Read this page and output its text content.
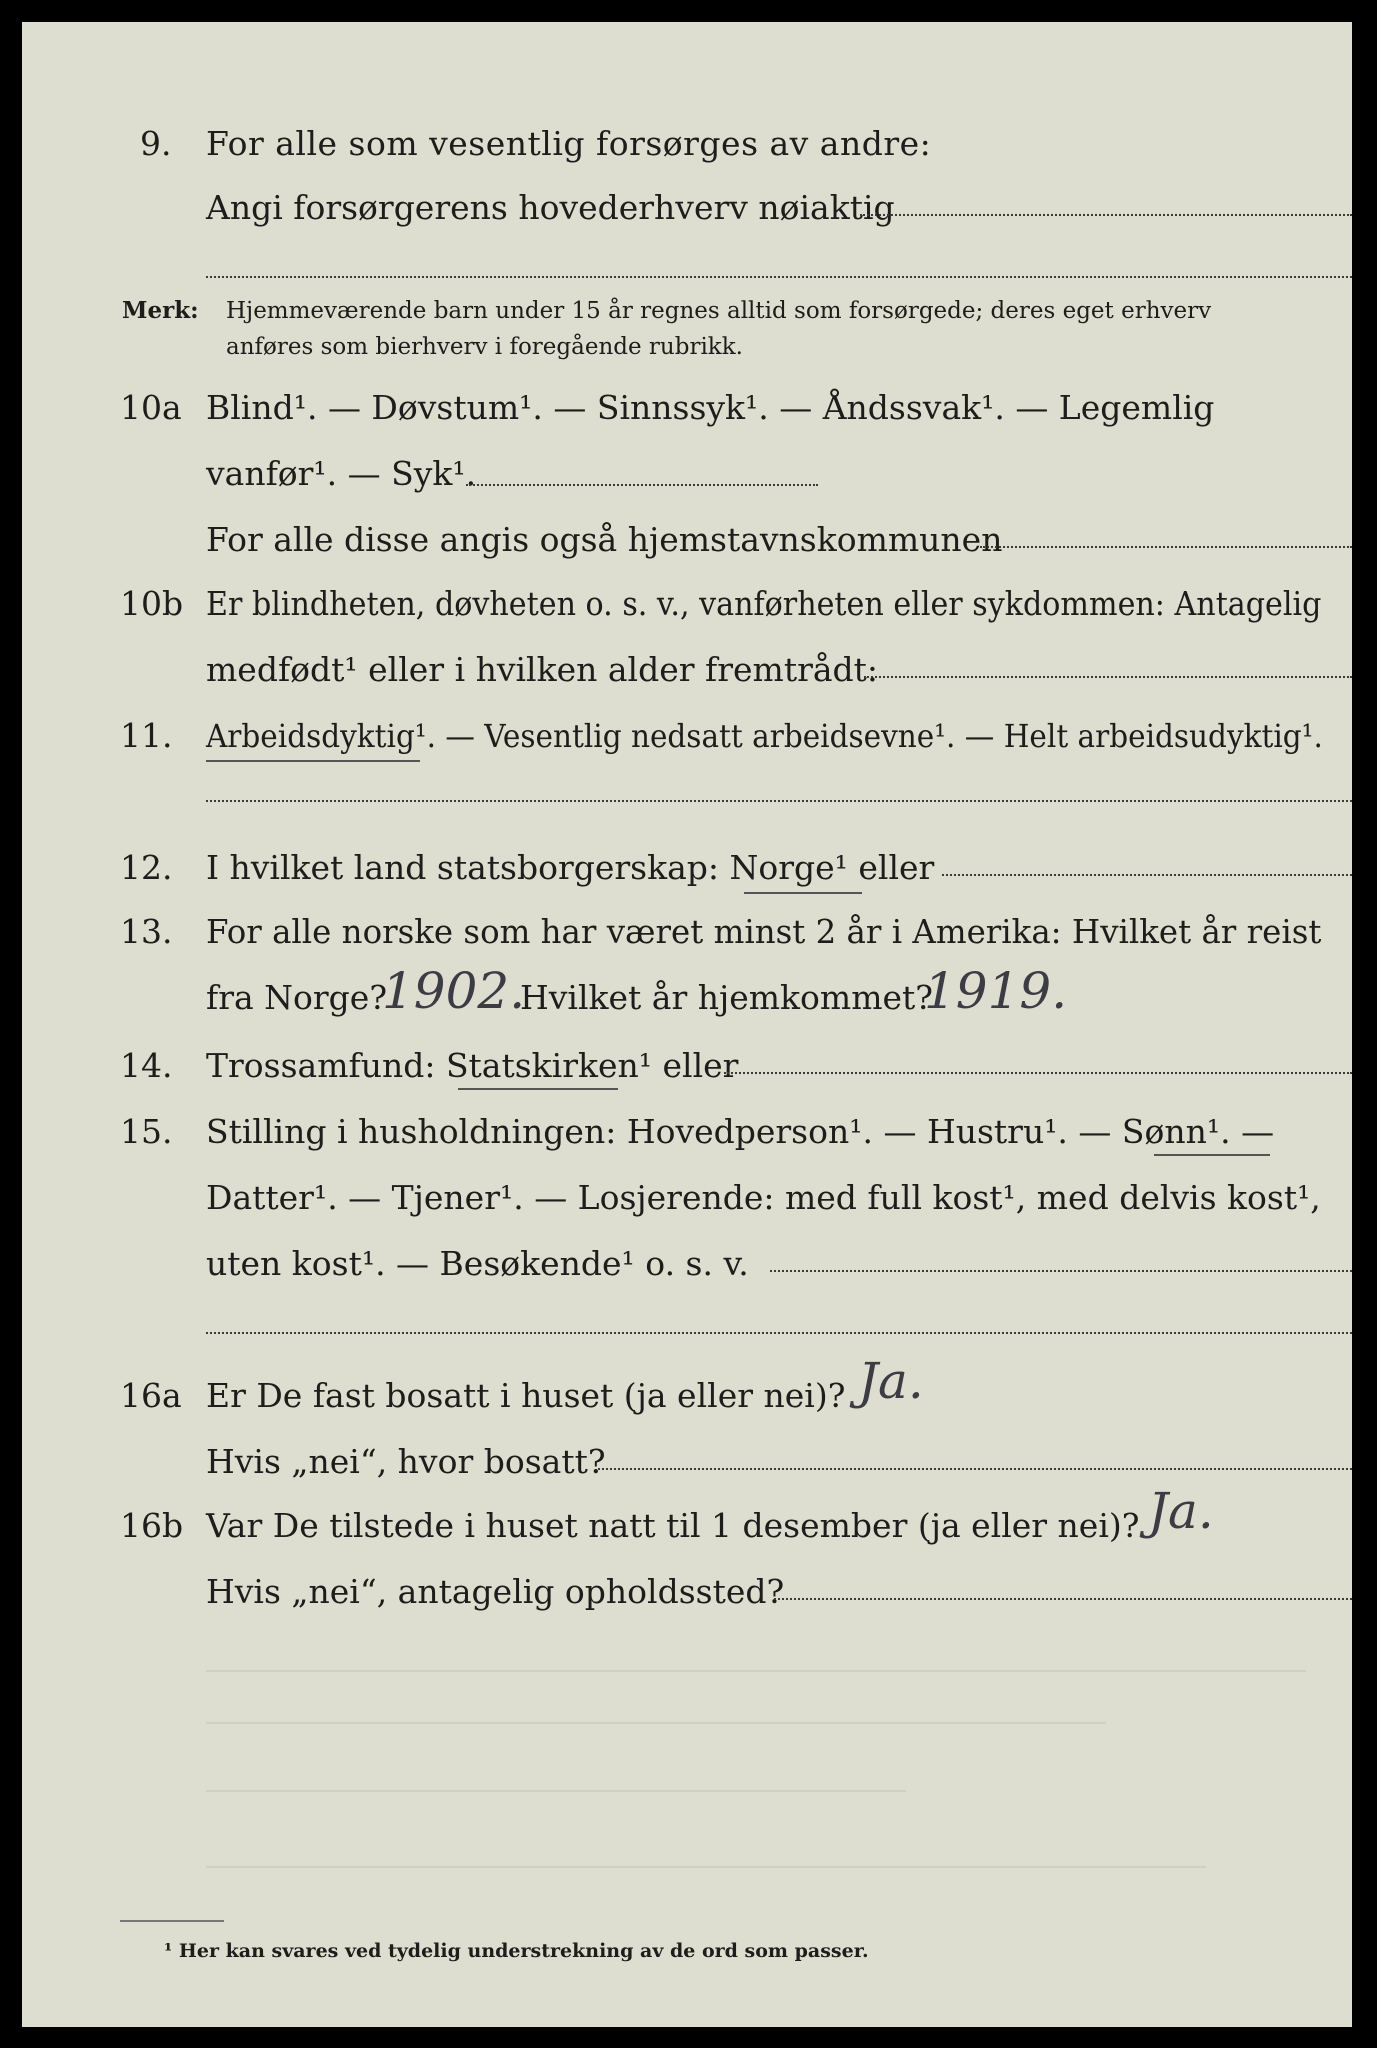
9. For alle som vesentlig forsørges av andre:
Angi forsørgerens hovederhverv nøiaktig
Merk: Hjemmeværende barn under 15 år regnes alltid som forsørgede; deres eget erhverv
anføres som bierhverv i foregående rubrikk.
10a Blind¹. — Døvstum¹. — Sinnssyk¹. — Åndssvak¹. — Legemlig
vanfør¹. — Syk¹.
For alle disse angis også hjemstavnskommunen
10b Er blindheten, døvheten o. s. v., vanførheten eller sykdommen: Antagelig
medfødt¹ eller i hvilken alder fremtrådt:
11. Arbeidsdyktig¹. — Vesentlig nedsatt arbeidsevne¹. — Helt arbeidsudyktig¹.
12. I hvilket land statsborgerskap: Norge¹ eller
13. For alle norske som har været minst 2 år i Amerika: Hvilket år reist
fra Norge?
1902.
Hvilket år hjemkommet?
1919.
14. Trossamfund: Statskirken¹ eller
15. Stilling i husholdningen: Hovedperson¹. — Hustru¹. — Sønn¹. —
Datter¹. — Tjener¹. — Losjerende: med full kost¹, med delvis kost¹,
uten kost¹. — Besøkende¹ o. s. v.
16a Er De fast bosatt i huset (ja eller nei)? Ja.
Hvis „nei“, hvor bosatt?
16b Var De tilstede i huset natt til 1 desember (ja eller nei)? Ja.
Hvis „nei“, antagelig opholdssted?
¹ Her kan svares ved tydelig understrekning av de ord som passer.
